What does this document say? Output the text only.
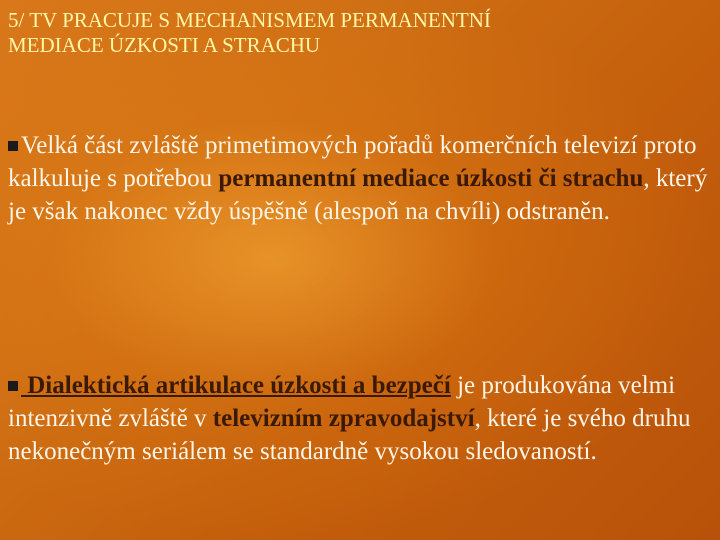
5/ TV PRACUJE S MECHANISMEM PERMANENTNÍ
MEDIACE ÚZKOSTI A STRACHU

Velká část zvláště primetimových pořadů komerčních televizí proto kalkuluje s potřebou permanentní mediace úzkosti či strachu, který je však nakonec vždy úspěšně (alespoň na chvíli) odstraněn.

Dialektická artikulace úzkosti a bezpečí je produkována velmi intenzivně zvláště v televizním zpravodajství, které je svého druhu nekonečným seriálem se standardně vysokou sledovaností.
